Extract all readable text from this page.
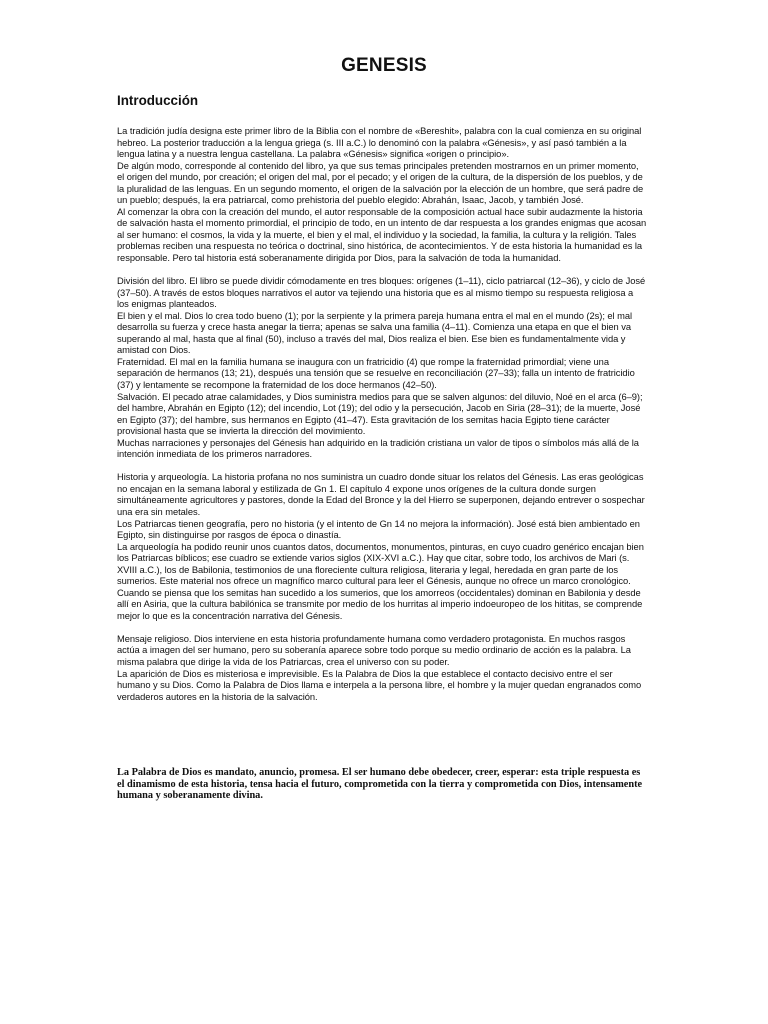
GENESIS
Introducción

La tradición judía designa este primer libro de la Biblia con el nombre de «Bereshit», palabra con la cual comienza en su original hebreo. La posterior traducción a la lengua griega (s. III a.C.) lo denominó con la palabra «Génesis», y así pasó también a la lengua latina y a nuestra lengua castellana. La palabra «Génesis» significa «origen o principio».

De algún modo, corresponde al contenido del libro, ya que sus temas principales pretenden mostrarnos en un primer momento, el origen del mundo, por creación; el origen del mal, por el pecado; y el origen de la cultura, de la dispersión de los pueblos, y de la pluralidad de las lenguas. En un segundo momento, el origen de la salvación por la elección de un hombre, que será padre de un pueblo; después, la era patriarcal, como prehistoria del pueblo elegido: Abrahán, Isaac, Jacob, y también José.

Al comenzar la obra con la creación del mundo, el autor responsable de la composición actual hace subir audazmente la historia de salvación hasta el momento primordial, el principio de todo, en un intento de dar respuesta a los grandes enigmas que acosan al ser humano: el cosmos, la vida y la muerte, el bien y el mal, el individuo y la sociedad, la familia, la cultura y la religión. Tales problemas reciben una respuesta no teórica o doctrinal, sino histórica, de acontecimientos. Y de esta historia la humanidad es la responsable. Pero tal historia está soberanamente dirigida por Dios, para la salvación de toda la humanidad.

División del libro. El libro se puede dividir cómodamente en tres bloques: orígenes (1–11), ciclo patriarcal (12–36), y ciclo de José (37–50). A través de estos bloques narrativos el autor va tejiendo una historia que es al mismo tiempo su respuesta religiosa a los enigmas planteados.

El bien y el mal. Dios lo crea todo bueno (1); por la serpiente y la primera pareja humana entra el mal en el mundo (2s); el mal desarrolla su fuerza y crece hasta anegar la tierra; apenas se salva una familia (4–11). Comienza una etapa en que el bien va superando al mal, hasta que al final (50), incluso a través del mal, Dios realiza el bien. Ese bien es fundamentalmente vida y amistad con Dios.

Fraternidad. El mal en la familia humana se inaugura con un fratricidio (4) que rompe la fraternidad primordial; viene una separación de hermanos (13; 21), después una tensión que se resuelve en reconciliación (27–33); falla un intento de fratricidio (37) y lentamente se recompone la fraternidad de los doce hermanos (42–50).

Salvación. El pecado atrae calamidades, y Dios suministra medios para que se salven algunos: del diluvio, Noé en el arca (6–9); del hambre, Abrahán en Egipto (12); del incendio, Lot (19); del odio y la persecución, Jacob en Siria (28–31); de la muerte, José en Egipto (37); del hambre, sus hermanos en Egipto (41–47). Esta gravitación de los semitas hacia Egipto tiene carácter provisional hasta que se invierta la dirección del movimiento.

Muchas narraciones y personajes del Génesis han adquirido en la tradición cristiana un valor de tipos o símbolos más allá de la intención inmediata de los primeros narradores.

Historia y arqueología. La historia profana no nos suministra un cuadro donde situar los relatos del Génesis. Las eras geológicas no encajan en la semana laboral y estilizada de Gn 1. El capítulo 4 expone unos orígenes de la cultura donde surgen simultáneamente agricultores y pastores, donde la Edad del Bronce y la del Hierro se superponen, dejando entrever o sospechar una era sin metales.

Los Patriarcas tienen geografía, pero no historia (y el intento de Gn 14 no mejora la información). José está bien ambientado en Egipto, sin distinguirse por rasgos de época o dinastía.

La arqueología ha podido reunir unos cuantos datos, documentos, monumentos, pinturas, en cuyo cuadro genérico encajan bien los Patriarcas bíblicos; ese cuadro se extiende varios siglos (XIX-XVI a.C.). Hay que citar, sobre todo, los archivos de Mari (s. XVIII a.C.), los de Babilonia, testimonios de una floreciente cultura religiosa, literaria y legal, heredada en gran parte de los sumerios. Este material nos ofrece un magnífico marco cultural para leer el Génesis, aunque no ofrece un marco cronológico.

Cuando se piensa que los semitas han sucedido a los sumerios, que los amorreos (occidentales) dominan en Babilonia y desde allí en Asiria, que la cultura babilónica se transmite por medio de los hurritas al imperio indoeuropeo de los hititas, se comprende mejor lo que es la concentración narrativa del Génesis.

Mensaje religioso. Dios interviene en esta historia profundamente humana como verdadero protagonista. En muchos rasgos actúa a imagen del ser humano, pero su soberanía aparece sobre todo porque su medio ordinario de acción es la palabra. La misma palabra que dirige la vida de los Patriarcas, crea el universo con su poder.

La aparición de Dios es misteriosa e imprevisible. Es la Palabra de Dios la que establece el contacto decisivo entre el ser humano y su Dios. Como la Palabra de Dios llama e interpela a la persona libre, el hombre y la mujer quedan engranados como verdaderos autores en la historia de la salvación.

La Palabra de Dios es mandato, anuncio, promesa. El ser humano debe obedecer, creer, esperar: esta triple respuesta es el dinamismo de esta historia, tensa hacia el futuro, comprometida con la tierra y comprometida con Dios, intensamente humana y soberanamente divina.
